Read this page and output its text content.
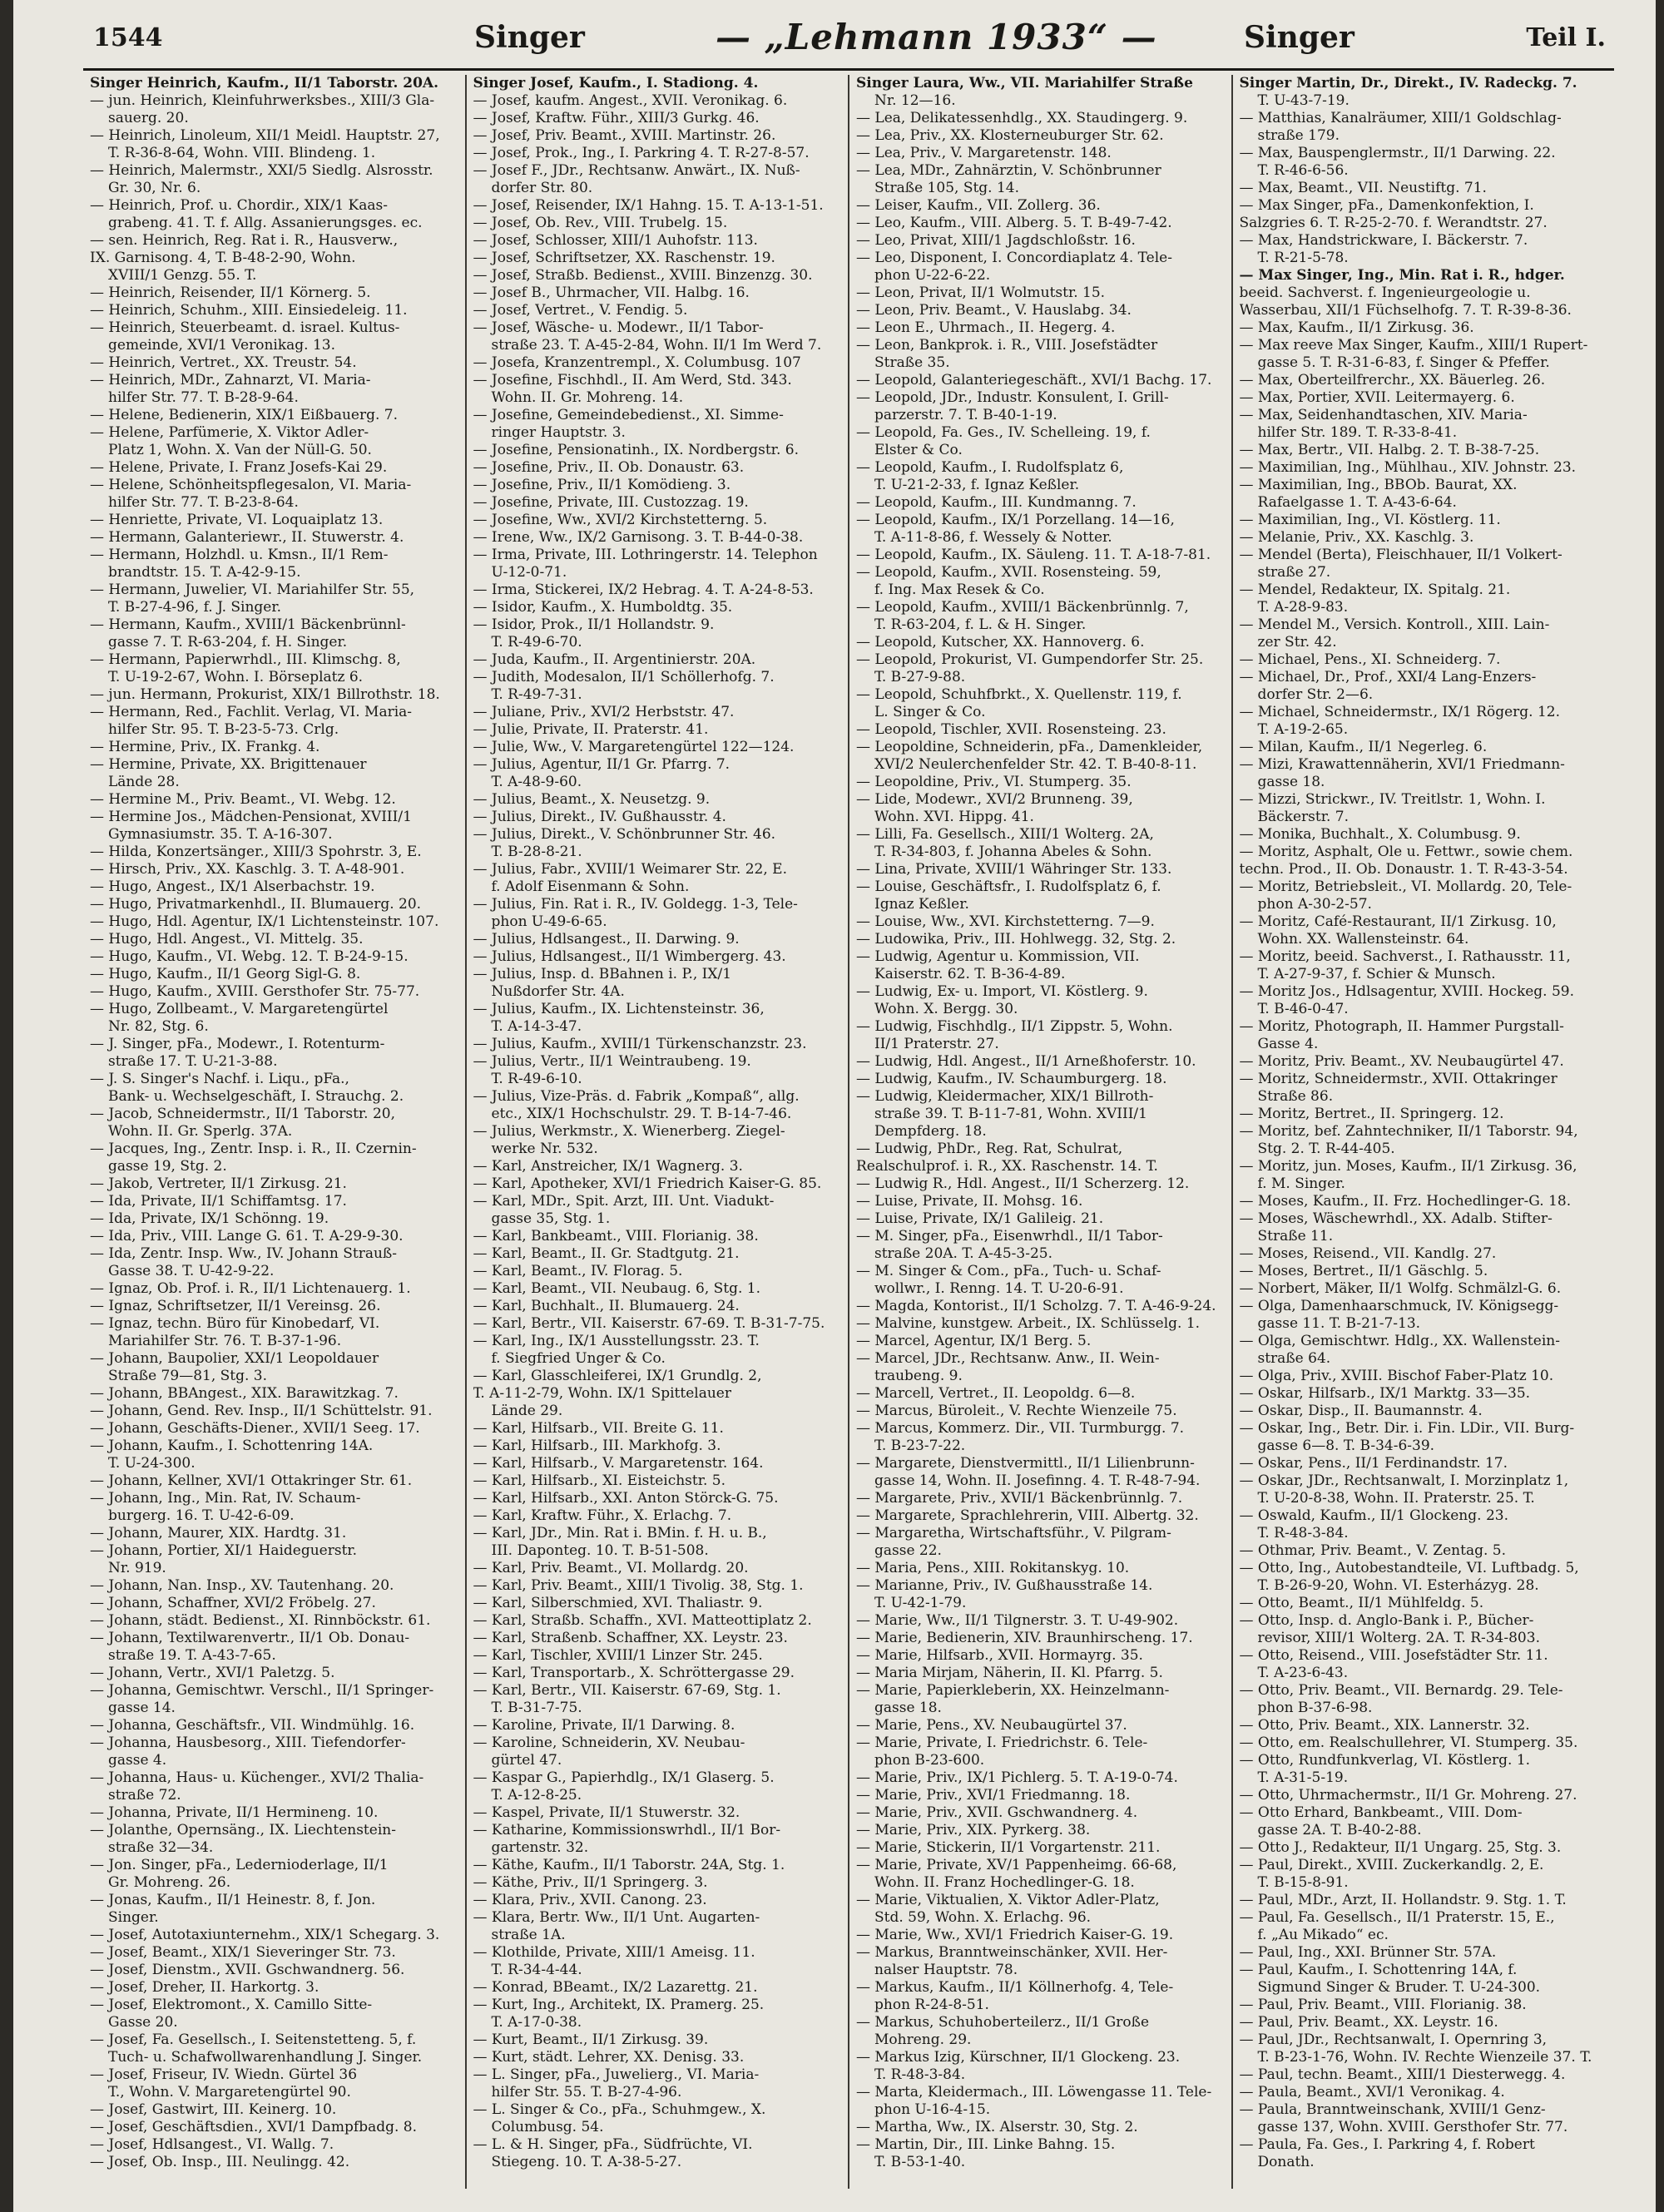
1544	Singer	— „Lehmann 1933“ —	Singer	Teil I.
Singer Heinrich, Kaufm., II/1 Taborstr. 20A.
— jun. Heinrich, Kleinfuhrwerksbes., XIII/3 Gla-
sauerg. 20.
— Heinrich, Linoleum, XII/1 Meidl. Hauptstr. 27,
T. R-36-8-64, Wohn. VIII. Blindeng. 1.
— Heinrich, Malermstr., XXI/5 Siedlg. Alsrosstr.
Gr. 30, Nr. 6.
— Heinrich, Prof. u. Chordir., XIX/1 Kaas-
grabeng. 41. T. f. Allg. Assanierungsges. ec.
— sen. Heinrich, Reg. Rat i. R., Hausverw.,
IX. Garnisong. 4, T. B-48-2-90, Wohn.
XVIII/1 Genzg. 55. T.
— Heinrich, Reisender, II/1 Körnerg. 5.
— Heinrich, Schuhm., XIII. Einsiedeleig. 11.
— Heinrich, Steuerbeamt. d. israel. Kultus-
gemeinde, XVI/1 Veronikag. 13.
— Heinrich, Vertret., XX. Treustr. 54.
— Heinrich, MDr., Zahnarzt, VI. Maria-
hilfer Str. 77. T. B-28-9-64.
— Helene, Bedienerin, XIX/1 Eißbauerg. 7.
— Helene, Parfümerie, X. Viktor Adler-
Platz 1, Wohn. X. Van der Nüll-G. 50.
— Helene, Private, I. Franz Josefs-Kai 29.
— Helene, Schönheitspflegesalon, VI. Maria-
hilfer Str. 77. T. B-23-8-64.
— Henriette, Private, VI. Loquaiplatz 13.
— Hermann, Galanteriewr., II. Stuwerstr. 4.
— Hermann, Holzhdl. u. Kmsn., II/1 Rem-
brandtstr. 15. T. A-42-9-15.
— Hermann, Juwelier, VI. Mariahilfer Str. 55,
T. B-27-4-96, f. J. Singer.
— Hermann, Kaufm., XVIII/1 Bäckenbrünnl-
gasse 7. T. R-63-204, f. H. Singer.
— Hermann, Papierwrhdl., III. Klimschg. 8,
T. U-19-2-67, Wohn. I. Börseplatz 6.
— jun. Hermann, Prokurist, XIX/1 Billrothstr. 18.
— Hermann, Red., Fachlit. Verlag, VI. Maria-
hilfer Str. 95. T. B-23-5-73. Crlg.
— Hermine, Priv., IX. Frankg. 4.
— Hermine, Private, XX. Brigittenauer
Lände 28.
— Hermine M., Priv. Beamt., VI. Webg. 12.
— Hermine Jos., Mädchen-Pensionat, XVIII/1
Gymnasiumstr. 35. T. A-16-307.
— Hilda, Konzertsänger., XIII/3 Spohrstr. 3, E.
— Hirsch, Priv., XX. Kaschlg. 3. T. A-48-901.
— Hugo, Angest., IX/1 Alserbachstr. 19.
— Hugo, Privatmarkenhdl., II. Blumauerg. 20.
— Hugo, Hdl. Agentur, IX/1 Lichtensteinstr. 107.
— Hugo, Hdl. Angest., VI. Mittelg. 35.
— Hugo, Kaufm., VI. Webg. 12. T. B-24-9-15.
— Hugo, Kaufm., II/1 Georg Sigl-G. 8.
— Hugo, Kaufm., XVIII. Gersthofer Str. 75-77.
— Hugo, Zollbeamt., V. Margaretengürtel
Nr. 82, Stg. 6.
— J. Singer, pFa., Modewr., I. Rotenturm-
straße 17. T. U-21-3-88.
— J. S. Singer's Nachf. i. Liqu., pFa.,
Bank- u. Wechselgeschäft, I. Strauchg. 2.
— Jacob, Schneidermstr., II/1 Taborstr. 20,
Wohn. II. Gr. Sperlg. 37A.
— Jacques, Ing., Zentr. Insp. i. R., II. Czernin-
gasse 19, Stg. 2.
— Jakob, Vertreter, II/1 Zirkusg. 21.
— Ida, Private, II/1 Schiffamtsg. 17.
— Ida, Private, IX/1 Schönng. 19.
— Ida, Priv., VIII. Lange G. 61. T. A-29-9-30.
— Ida, Zentr. Insp. Ww., IV. Johann Strauß-
Gasse 38. T. U-42-9-22.
— Ignaz, Ob. Prof. i. R., II/1 Lichtenauerg. 1.
— Ignaz, Schriftsetzer, II/1 Vereinsg. 26.
— Ignaz, techn. Büro für Kinobedarf, VI.
Mariahilfer Str. 76. T. B-37-1-96.
— Johann, Baupolier, XXI/1 Leopoldauer
Straße 79—81, Stg. 3.
— Johann, BBAngest., XIX. Barawitzkag. 7.
— Johann, Gend. Rev. Insp., II/1 Schüttelstr. 91.
— Johann, Geschäfts-Diener., XVII/1 Seeg. 17.
— Johann, Kaufm., I. Schottenring 14A.
T. U-24-300.
— Johann, Kellner, XVI/1 Ottakringer Str. 61.
— Johann, Ing., Min. Rat, IV. Schaum-
burgerg. 16. T. U-42-6-09.
— Johann, Maurer, XIX. Hardtg. 31.
— Johann, Portier, XI/1 Haideguerstr.
Nr. 919.
— Johann, Nan. Insp., XV. Tautenhang. 20.
— Johann, Schaffner, XVI/2 Fröbelg. 27.
— Johann, städt. Bedienst., XI. Rinnböckstr. 61.
— Johann, Textilwarenvertr., II/1 Ob. Donau-
straße 19. T. A-43-7-65.
— Johann, Vertr., XVI/1 Paletzg. 5.
— Johanna, Gemischtwr. Verschl., II/1 Springer-
gasse 14.
— Johanna, Geschäftsfr., VII. Windmühlg. 16.
— Johanna, Hausbesorg., XIII. Tiefendorfer-
gasse 4.
— Johanna, Haus- u. Küchenger., XVI/2 Thalia-
straße 72.
— Johanna, Private, II/1 Hermineng. 10.
— Jolanthe, Opernsäng., IX. Liechtenstein-
straße 32—34.
— Jon. Singer, pFa., Ledernioderlage, II/1
Gr. Mohreng. 26.
— Jonas, Kaufm., II/1 Heinestr. 8, f. Jon.
Singer.
— Josef, Autotaxiunternehm., XIX/1 Schegarg. 3.
— Josef, Beamt., XIX/1 Sieveringer Str. 73.
— Josef, Dienstm., XVII. Gschwandnerg. 56.
— Josef, Dreher, II. Harkortg. 3.
— Josef, Elektromont., X. Camillo Sitte-
Gasse 20.
— Josef, Fa. Gesellsch., I. Seitenstetteng. 5, f.
Tuch- u. Schafwollwarenhandlung J. Singer.
— Josef, Friseur, IV. Wiedn. Gürtel 36
T., Wohn. V. Margaretengürtel 90.
— Josef, Gastwirt, III. Keinerg. 10.
— Josef, Geschäftsdien., XVI/1 Dampfbadg. 8.
— Josef, Hdlsangest., VI. Wallg. 7.
— Josef, Ob. Insp., III. Neulingg. 42.
Singer Josef, Kaufm., I. Stadiong. 4.
— Josef, kaufm. Angest., XVII. Veronikag. 6.
— Josef, Kraftw. Führ., XIII/3 Gurkg. 46.
— Josef, Priv. Beamt., XVIII. Martinstr. 26.
— Josef, Prok., Ing., I. Parkring 4. T. R-27-8-57.
— Josef F., JDr., Rechtsanw. Anwärt., IX. Nuß-
dorfer Str. 80.
— Josef, Reisender, IX/1 Hahng. 15. T. A-13-1-51.
— Josef, Ob. Rev., VIII. Trubelg. 15.
— Josef, Schlosser, XIII/1 Auhofstr. 113.
— Josef, Schriftsetzer, XX. Raschenstr. 19.
— Josef, Straßb. Bedienst., XVIII. Binzenzg. 30.
— Josef B., Uhrmacher, VII. Halbg. 16.
— Josef, Vertret., V. Fendig. 5.
— Josef, Wäsche- u. Modewr., II/1 Tabor-
straße 23. T. A-45-2-84, Wohn. II/1 Im Werd 7.
— Josefa, Kranzentrempl., X. Columbusg. 107
— Josefine, Fischhdl., II. Am Werd, Std. 343.
Wohn. II. Gr. Mohreng. 14.
— Josefine, Gemeindebedienst., XI. Simme-
ringer Hauptstr. 3.
— Josefine, Pensionatinh., IX. Nordbergstr. 6.
— Josefine, Priv., II. Ob. Donaustr. 63.
— Josefine, Priv., II/1 Komödieng. 3.
— Josefine, Private, III. Custozzag. 19.
— Josefine, Ww., XVI/2 Kirchstetterng. 5.
— Irene, Ww., IX/2 Garnisong. 3. T. B-44-0-38.
— Irma, Private, III. Lothringerstr. 14. Telephon
U-12-0-71.
— Irma, Stickerei, IX/2 Hebrag. 4. T. A-24-8-53.
— Isidor, Kaufm., X. Humboldtg. 35.
— Isidor, Prok., II/1 Hollandstr. 9.
T. R-49-6-70.
— Juda, Kaufm., II. Argentinierstr. 20A.
— Judith, Modesalon, II/1 Schöllerhofg. 7.
T. R-49-7-31.
— Juliane, Priv., XVI/2 Herbststr. 47.
— Julie, Private, II. Praterstr. 41.
— Julie, Ww., V. Margaretengürtel 122—124.
— Julius, Agentur, II/1 Gr. Pfarrg. 7.
T. A-48-9-60.
— Julius, Beamt., X. Neusetzg. 9.
— Julius, Direkt., IV. Gußhausstr. 4.
— Julius, Direkt., V. Schönbrunner Str. 46.
T. B-28-8-21.
— Julius, Fabr., XVIII/1 Weimarer Str. 22, E.
f. Adolf Eisenmann & Sohn.
— Julius, Fin. Rat i. R., IV. Goldegg. 1-3, Tele-
phon U-49-6-65.
— Julius, Hdlsangest., II. Darwing. 9.
— Julius, Hdlsangest., II/1 Wimbergerg. 43.
— Julius, Insp. d. BBahnen i. P., IX/1
Nußdorfer Str. 4A.
— Julius, Kaufm., IX. Lichtensteinstr. 36,
T. A-14-3-47.
— Julius, Kaufm., XVIII/1 Türkenschanzstr. 23.
— Julius, Vertr., II/1 Weintraubeng. 19.
T. R-49-6-10.
— Julius, Vize-Präs. d. Fabrik „Kompaß“, allg.
etc., XIX/1 Hochschulstr. 29. T. B-14-7-46.
— Julius, Werkmstr., X. Wienerberg. Ziegel-
werke Nr. 532.
— Karl, Anstreicher, IX/1 Wagnerg. 3.
— Karl, Apotheker, XVI/1 Friedrich Kaiser-G. 85.
— Karl, MDr., Spit. Arzt, III. Unt. Viadukt-
gasse 35, Stg. 1.
— Karl, Bankbeamt., VIII. Florianig. 38.
— Karl, Beamt., II. Gr. Stadtgutg. 21.
— Karl, Beamt., IV. Florag. 5.
— Karl, Beamt., VII. Neubaug. 6, Stg. 1.
— Karl, Buchhalt., II. Blumauerg. 24.
— Karl, Bertr., VII. Kaiserstr. 67-69. T. B-31-7-75.
— Karl, Ing., IX/1 Ausstellungsstr. 23. T.
f. Siegfried Unger & Co.
— Karl, Glasschleiferei, IX/1 Grundlg. 2,
T. A-11-2-79, Wohn. IX/1 Spittelauer
Lände 29.
— Karl, Hilfsarb., VII. Breite G. 11.
— Karl, Hilfsarb., III. Markhofg. 3.
— Karl, Hilfsarb., V. Margaretenstr. 164.
— Karl, Hilfsarb., XI. Eisteichstr. 5.
— Karl, Hilfsarb., XXI. Anton Störck-G. 75.
— Karl, Kraftw. Führ., X. Erlachg. 7.
— Karl, JDr., Min. Rat i. BMin. f. H. u. B.,
III. Daponteg. 10. T. B-51-508.
— Karl, Priv. Beamt., VI. Mollardg. 20.
— Karl, Priv. Beamt., XIII/1 Tivolig. 38, Stg. 1.
— Karl, Silberschmied, XVI. Thaliastr. 9.
— Karl, Straßb. Schaffn., XVI. Matteottiplatz 2.
— Karl, Straßenb. Schaffner, XX. Leystr. 23.
— Karl, Tischler, XVIII/1 Linzer Str. 245.
— Karl, Transportarb., X. Schröttergasse 29.
— Karl, Bertr., VII. Kaiserstr. 67-69, Stg. 1.
T. B-31-7-75.
— Karoline, Private, II/1 Darwing. 8.
— Karoline, Schneiderin, XV. Neubau-
gürtel 47.
— Kaspar G., Papierhdlg., IX/1 Glaserg. 5.
T. A-12-8-25.
— Kaspel, Private, II/1 Stuwerstr. 32.
— Katharine, Kommissionswrhdl., II/1 Bor-
gartenstr. 32.
— Käthe, Kaufm., II/1 Taborstr. 24A, Stg. 1.
— Käthe, Priv., II/1 Springerg. 3.
— Klara, Priv., XVII. Canong. 23.
— Klara, Bertr. Ww., II/1 Unt. Augarten-
straße 1A.
— Klothilde, Private, XIII/1 Ameisg. 11.
T. R-34-4-44.
— Konrad, BBeamt., IX/2 Lazarettg. 21.
— Kurt, Ing., Architekt, IX. Pramerg. 25.
T. A-17-0-38.
— Kurt, Beamt., II/1 Zirkusg. 39.
— Kurt, städt. Lehrer, XX. Denisg. 33.
— L. Singer, pFa., Juwelierg., VI. Maria-
hilfer Str. 55. T. B-27-4-96.
— L. Singer & Co., pFa., Schuhmgew., X.
Columbusg. 54.
— L. & H. Singer, pFa., Südfrüchte, VI.
Stiegeng. 10. T. A-38-5-27.
Singer Laura, Ww., VII. Mariahilfer Straße
Nr. 12—16.
— Lea, Delikatessenhdlg., XX. Staudingerg. 9.
— Lea, Priv., XX. Klosterneuburger Str. 62.
— Lea, Priv., V. Margaretenstr. 148.
— Lea, MDr., Zahnärztin, V. Schönbrunner
Straße 105, Stg. 14.
— Leiser, Kaufm., VII. Zollerg. 36.
— Leo, Kaufm., VIII. Alberg. 5. T. B-49-7-42.
— Leo, Privat, XIII/1 Jagdschloßstr. 16.
— Leo, Disponent, I. Concordiaplatz 4. Tele-
phon U-22-6-22.
— Leon, Privat, II/1 Wolmutstr. 15.
— Leon, Priv. Beamt., V. Hauslabg. 34.
— Leon E., Uhrmach., II. Hegerg. 4.
— Leon, Bankprok. i. R., VIII. Josefstädter
Straße 35.
— Leopold, Galanteriegeschäft., XVI/1 Bachg. 17.
— Leopold, JDr., Industr. Konsulent, I. Grill-
parzerstr. 7. T. B-40-1-19.
— Leopold, Fa. Ges., IV. Schelleing. 19, f.
Elster & Co.
— Leopold, Kaufm., I. Rudolfsplatz 6,
T. U-21-2-33, f. Ignaz Keßler.
— Leopold, Kaufm., III. Kundmanng. 7.
— Leopold, Kaufm., IX/1 Porzellang. 14—16,
T. A-11-8-86, f. Wessely & Notter.
— Leopold, Kaufm., IX. Säuleng. 11. T. A-18-7-81.
— Leopold, Kaufm., XVII. Rosensteing. 59,
f. Ing. Max Resek & Co.
— Leopold, Kaufm., XVIII/1 Bäckenbrünnlg. 7,
T. R-63-204, f. L. & H. Singer.
— Leopold, Kutscher, XX. Hannoverg. 6.
— Leopold, Prokurist, VI. Gumpendorfer Str. 25.
T. B-27-9-88.
— Leopold, Schuhfbrkt., X. Quellenstr. 119, f.
L. Singer & Co.
— Leopold, Tischler, XVII. Rosensteing. 23.
— Leopoldine, Schneiderin, pFa., Damenkleider,
XVI/2 Neulerchenfelder Str. 42. T. B-40-8-11.
— Leopoldine, Priv., VI. Stumperg. 35.
— Lide, Modewr., XVI/2 Brunneng. 39,
Wohn. XVI. Hippg. 41.
— Lilli, Fa. Gesellsch., XIII/1 Wolterg. 2A,
T. R-34-803, f. Johanna Abeles & Sohn.
— Lina, Private, XVIII/1 Währinger Str. 133.
— Louise, Geschäftsfr., I. Rudolfsplatz 6, f.
Ignaz Keßler.
— Louise, Ww., XVI. Kirchstetterng. 7—9.
— Ludowika, Priv., III. Hohlwegg. 32, Stg. 2.
— Ludwig, Agentur u. Kommission, VII.
Kaiserstr. 62. T. B-36-4-89.
— Ludwig, Ex- u. Import, VI. Köstlerg. 9.
Wohn. X. Bergg. 30.
— Ludwig, Fischhdlg., II/1 Zippstr. 5, Wohn.
II/1 Praterstr. 27.
— Ludwig, Hdl. Angest., II/1 Arneßhoferstr. 10.
— Ludwig, Kaufm., IV. Schaumburgerg. 18.
— Ludwig, Kleidermacher, XIX/1 Billroth-
straße 39. T. B-11-7-81, Wohn. XVIII/1
Dempfderg. 18.
— Ludwig, PhDr., Reg. Rat, Schulrat,
Realschulprof. i. R., XX. Raschenstr. 14. T.
— Ludwig R., Hdl. Angest., II/1 Scherzerg. 12.
— Luise, Private, II. Mohsg. 16.
— Luise, Private, IX/1 Galileig. 21.
— M. Singer, pFa., Eisenwrhdl., II/1 Tabor-
straße 20A. T. A-45-3-25.
— M. Singer & Com., pFa., Tuch- u. Schaf-
wollwr., I. Renng. 14. T. U-20-6-91.
— Magda, Kontorist., II/1 Scholzg. 7. T. A-46-9-24.
— Malvine, kunstgew. Arbeit., IX. Schlüsselg. 1.
— Marcel, Agentur, IX/1 Berg. 5.
— Marcel, JDr., Rechtsanw. Anw., II. Wein-
traubeng. 9.
— Marcell, Vertret., II. Leopoldg. 6—8.
— Marcus, Büroleit., V. Rechte Wienzeile 75.
— Marcus, Kommerz. Dir., VII. Turmburgg. 7.
T. B-23-7-22.
— Margarete, Dienstvermittl., II/1 Lilienbrunn-
gasse 14, Wohn. II. Josefinng. 4. T. R-48-7-94.
— Margarete, Priv., XVII/1 Bäckenbrünnlg. 7.
— Margarete, Sprachlehrerin, VIII. Albertg. 32.
— Margaretha, Wirtschaftsführ., V. Pilgram-
gasse 22.
— Maria, Pens., XIII. Rokitanskyg. 10.
— Marianne, Priv., IV. Gußhausstraße 14.
T. U-42-1-79.
— Marie, Ww., II/1 Tilgnerstr. 3. T. U-49-902.
— Marie, Bedienerin, XIV. Braunhirscheng. 17.
— Marie, Hilfsarb., XVII. Hormayrg. 35.
— Maria Mirjam, Näherin, II. Kl. Pfarrg. 5.
— Marie, Papierkleberin, XX. Heinzelmann-
gasse 18.
— Marie, Pens., XV. Neubaugürtel 37.
— Marie, Private, I. Friedrichstr. 6. Tele-
phon B-23-600.
— Marie, Priv., IX/1 Pichlerg. 5. T. A-19-0-74.
— Marie, Priv., XVI/1 Friedmanng. 18.
— Marie, Priv., XVII. Gschwandnerg. 4.
— Marie, Priv., XIX. Pyrkerg. 38.
— Marie, Stickerin, II/1 Vorgartenstr. 211.
— Marie, Private, XV/1 Pappenheimg. 66-68,
Wohn. II. Franz Hochedlinger-G. 18.
— Marie, Viktualien, X. Viktor Adler-Platz,
Std. 59, Wohn. X. Erlachg. 96.
— Marie, Ww., XVI/1 Friedrich Kaiser-G. 19.
— Markus, Branntweinschänker, XVII. Her-
nalser Hauptstr. 78.
— Markus, Kaufm., II/1 Köllnerhofg. 4, Tele-
phon R-24-8-51.
— Markus, Schuhoberteilerz., II/1 Große
Mohreng. 29.
— Markus Izig, Kürschner, II/1 Glockeng. 23.
T. R-48-3-84.
— Marta, Kleidermach., III. Löwengasse 11. Tele-
phon U-16-4-15.
— Martha, Ww., IX. Alserstr. 30, Stg. 2.
— Martin, Dir., III. Linke Bahng. 15.
T. B-53-1-40.
Singer Martin, Dr., Direkt., IV. Radeckg. 7.
T. U-43-7-19.
— Matthias, Kanalräumer, XIII/1 Goldschlag-
straße 179.
— Max, Bauspenglermstr., II/1 Darwing. 22.
T. R-46-6-56.
— Max, Beamt., VII. Neustiftg. 71.
— Max Singer, pFa., Damenkonfektion, I.
Salzgries 6. T. R-25-2-70. f. Werandtstr. 27.
— Max, Handstrickware, I. Bäckerstr. 7.
T. R-21-5-78.
— Max Singer, Ing., Min. Rat i. R., hdger.
beeid. Sachverst. f. Ingenieurgeologie u.
Wasserbau, XII/1 Füchselhofg. 7. T. R-39-8-36.
— Max, Kaufm., II/1 Zirkusg. 36.
— Max reeve Max Singer, Kaufm., XIII/1 Rupert-
gasse 5. T. R-31-6-83, f. Singer & Pfeffer.
— Max, Oberteilfrerchr., XX. Bäuerleg. 26.
— Max, Portier, XVII. Leitermayerg. 6.
— Max, Seidenhandtaschen, XIV. Maria-
hilfer Str. 189. T. R-33-8-41.
— Max, Bertr., VII. Halbg. 2. T. B-38-7-25.
— Maximilian, Ing., Mühlhau., XIV. Johnstr. 23.
— Maximilian, Ing., BBOb. Baurat, XX.
Rafaelgasse 1. T. A-43-6-64.
— Maximilian, Ing., VI. Köstlerg. 11.
— Melanie, Priv., XX. Kaschlg. 3.
— Mendel (Berta), Fleischhauer, II/1 Volkert-
straße 27.
— Mendel, Redakteur, IX. Spitalg. 21.
T. A-28-9-83.
— Mendel M., Versich. Kontroll., XIII. Lain-
zer Str. 42.
— Michael, Pens., XI. Schneiderg. 7.
— Michael, Dr., Prof., XXI/4 Lang-Enzers-
dorfer Str. 2—6.
— Michael, Schneidermstr., IX/1 Rögerg. 12.
T. A-19-2-65.
— Milan, Kaufm., II/1 Negerleg. 6.
— Mizi, Krawattennäherin, XVI/1 Friedmann-
gasse 18.
— Mizzi, Strickwr., IV. Treitlstr. 1, Wohn. I.
Bäckerstr. 7.
— Monika, Buchhalt., X. Columbusg. 9.
— Moritz, Asphalt, Ole u. Fettwr., sowie chem.
techn. Prod., II. Ob. Donaustr. 1. T. R-43-3-54.
— Moritz, Betriebsleit., VI. Mollardg. 20, Tele-
phon A-30-2-57.
— Moritz, Café-Restaurant, II/1 Zirkusg. 10,
Wohn. XX. Wallensteinstr. 64.
— Moritz, beeid. Sachverst., I. Rathausstr. 11,
T. A-27-9-37, f. Schier & Munsch.
— Moritz Jos., Hdlsagentur, XVIII. Hockeg. 59.
T. B-46-0-47.
— Moritz, Photograph, II. Hammer Purgstall-
Gasse 4.
— Moritz, Priv. Beamt., XV. Neubaugürtel 47.
— Moritz, Schneidermstr., XVII. Ottakringer
Straße 86.
— Moritz, Bertret., II. Springerg. 12.
— Moritz, bef. Zahntechniker, II/1 Taborstr. 94,
Stg. 2. T. R-44-405.
— Moritz, jun. Moses, Kaufm., II/1 Zirkusg. 36,
f. M. Singer.
— Moses, Kaufm., II. Frz. Hochedlinger-G. 18.
— Moses, Wäschewrhdl., XX. Adalb. Stifter-
Straße 11.
— Moses, Reisend., VII. Kandlg. 27.
— Moses, Bertret., II/1 Gäschlg. 5.
— Norbert, Mäker, II/1 Wolfg. Schmälzl-G. 6.
— Olga, Damenhaarschmuck, IV. Königsegg-
gasse 11. T. B-21-7-13.
— Olga, Gemischtwr. Hdlg., XX. Wallenstein-
straße 64.
— Olga, Priv., XVIII. Bischof Faber-Platz 10.
— Oskar, Hilfsarb., IX/1 Marktg. 33—35.
— Oskar, Disp., II. Baumannstr. 4.
— Oskar, Ing., Betr. Dir. i. Fin. LDir., VII. Burg-
gasse 6—8. T. B-34-6-39.
— Oskar, Pens., II/1 Ferdinandstr. 17.
— Oskar, JDr., Rechtsanwalt, I. Morzinplatz 1,
T. U-20-8-38, Wohn. II. Praterstr. 25. T.
— Oswald, Kaufm., II/1 Glockeng. 23.
T. R-48-3-84.
— Othmar, Priv. Beamt., V. Zentag. 5.
— Otto, Ing., Autobestandteile, VI. Luftbadg. 5,
T. B-26-9-20, Wohn. VI. Esterházyg. 28.
— Otto, Beamt., II/1 Mühlfeldg. 5.
— Otto, Insp. d. Anglo-Bank i. P., Bücher-
revisor, XIII/1 Wolterg. 2A. T. R-34-803.
— Otto, Reisend., VIII. Josefstädter Str. 11.
T. A-23-6-43.
— Otto, Priv. Beamt., VII. Bernardg. 29. Tele-
phon B-37-6-98.
— Otto, Priv. Beamt., XIX. Lannerstr. 32.
— Otto, em. Realschullehrer, VI. Stumperg. 35.
— Otto, Rundfunkverlag, VI. Köstlerg. 1.
T. A-31-5-19.
— Otto, Uhrmachermstr., II/1 Gr. Mohreng. 27.
— Otto Erhard, Bankbeamt., VIII. Dom-
gasse 2A. T. B-40-2-88.
— Otto J., Redakteur, II/1 Ungarg. 25, Stg. 3.
— Paul, Direkt., XVIII. Zuckerkandlg. 2, E.
T. B-15-8-91.
— Paul, MDr., Arzt, II. Hollandstr. 9. Stg. 1. T.
— Paul, Fa. Gesellsch., II/1 Praterstr. 15, E.,
f. „Au Mikado“ ec.
— Paul, Ing., XXI. Brünner Str. 57A.
— Paul, Kaufm., I. Schottenring 14A, f.
Sigmund Singer & Bruder. T. U-24-300.
— Paul, Priv. Beamt., VIII. Florianig. 38.
— Paul, Priv. Beamt., XX. Leystr. 16.
— Paul, JDr., Rechtsanwalt, I. Opernring 3,
T. B-23-1-76, Wohn. IV. Rechte Wienzeile 37. T.
— Paul, techn. Beamt., XIII/1 Diesterwegg. 4.
— Paula, Beamt., XVI/1 Veronikag. 4.
— Paula, Branntweinschank, XVIII/1 Genz-
gasse 137, Wohn. XVIII. Gersthofer Str. 77.
— Paula, Fa. Ges., I. Parkring 4, f. Robert
Donath.
